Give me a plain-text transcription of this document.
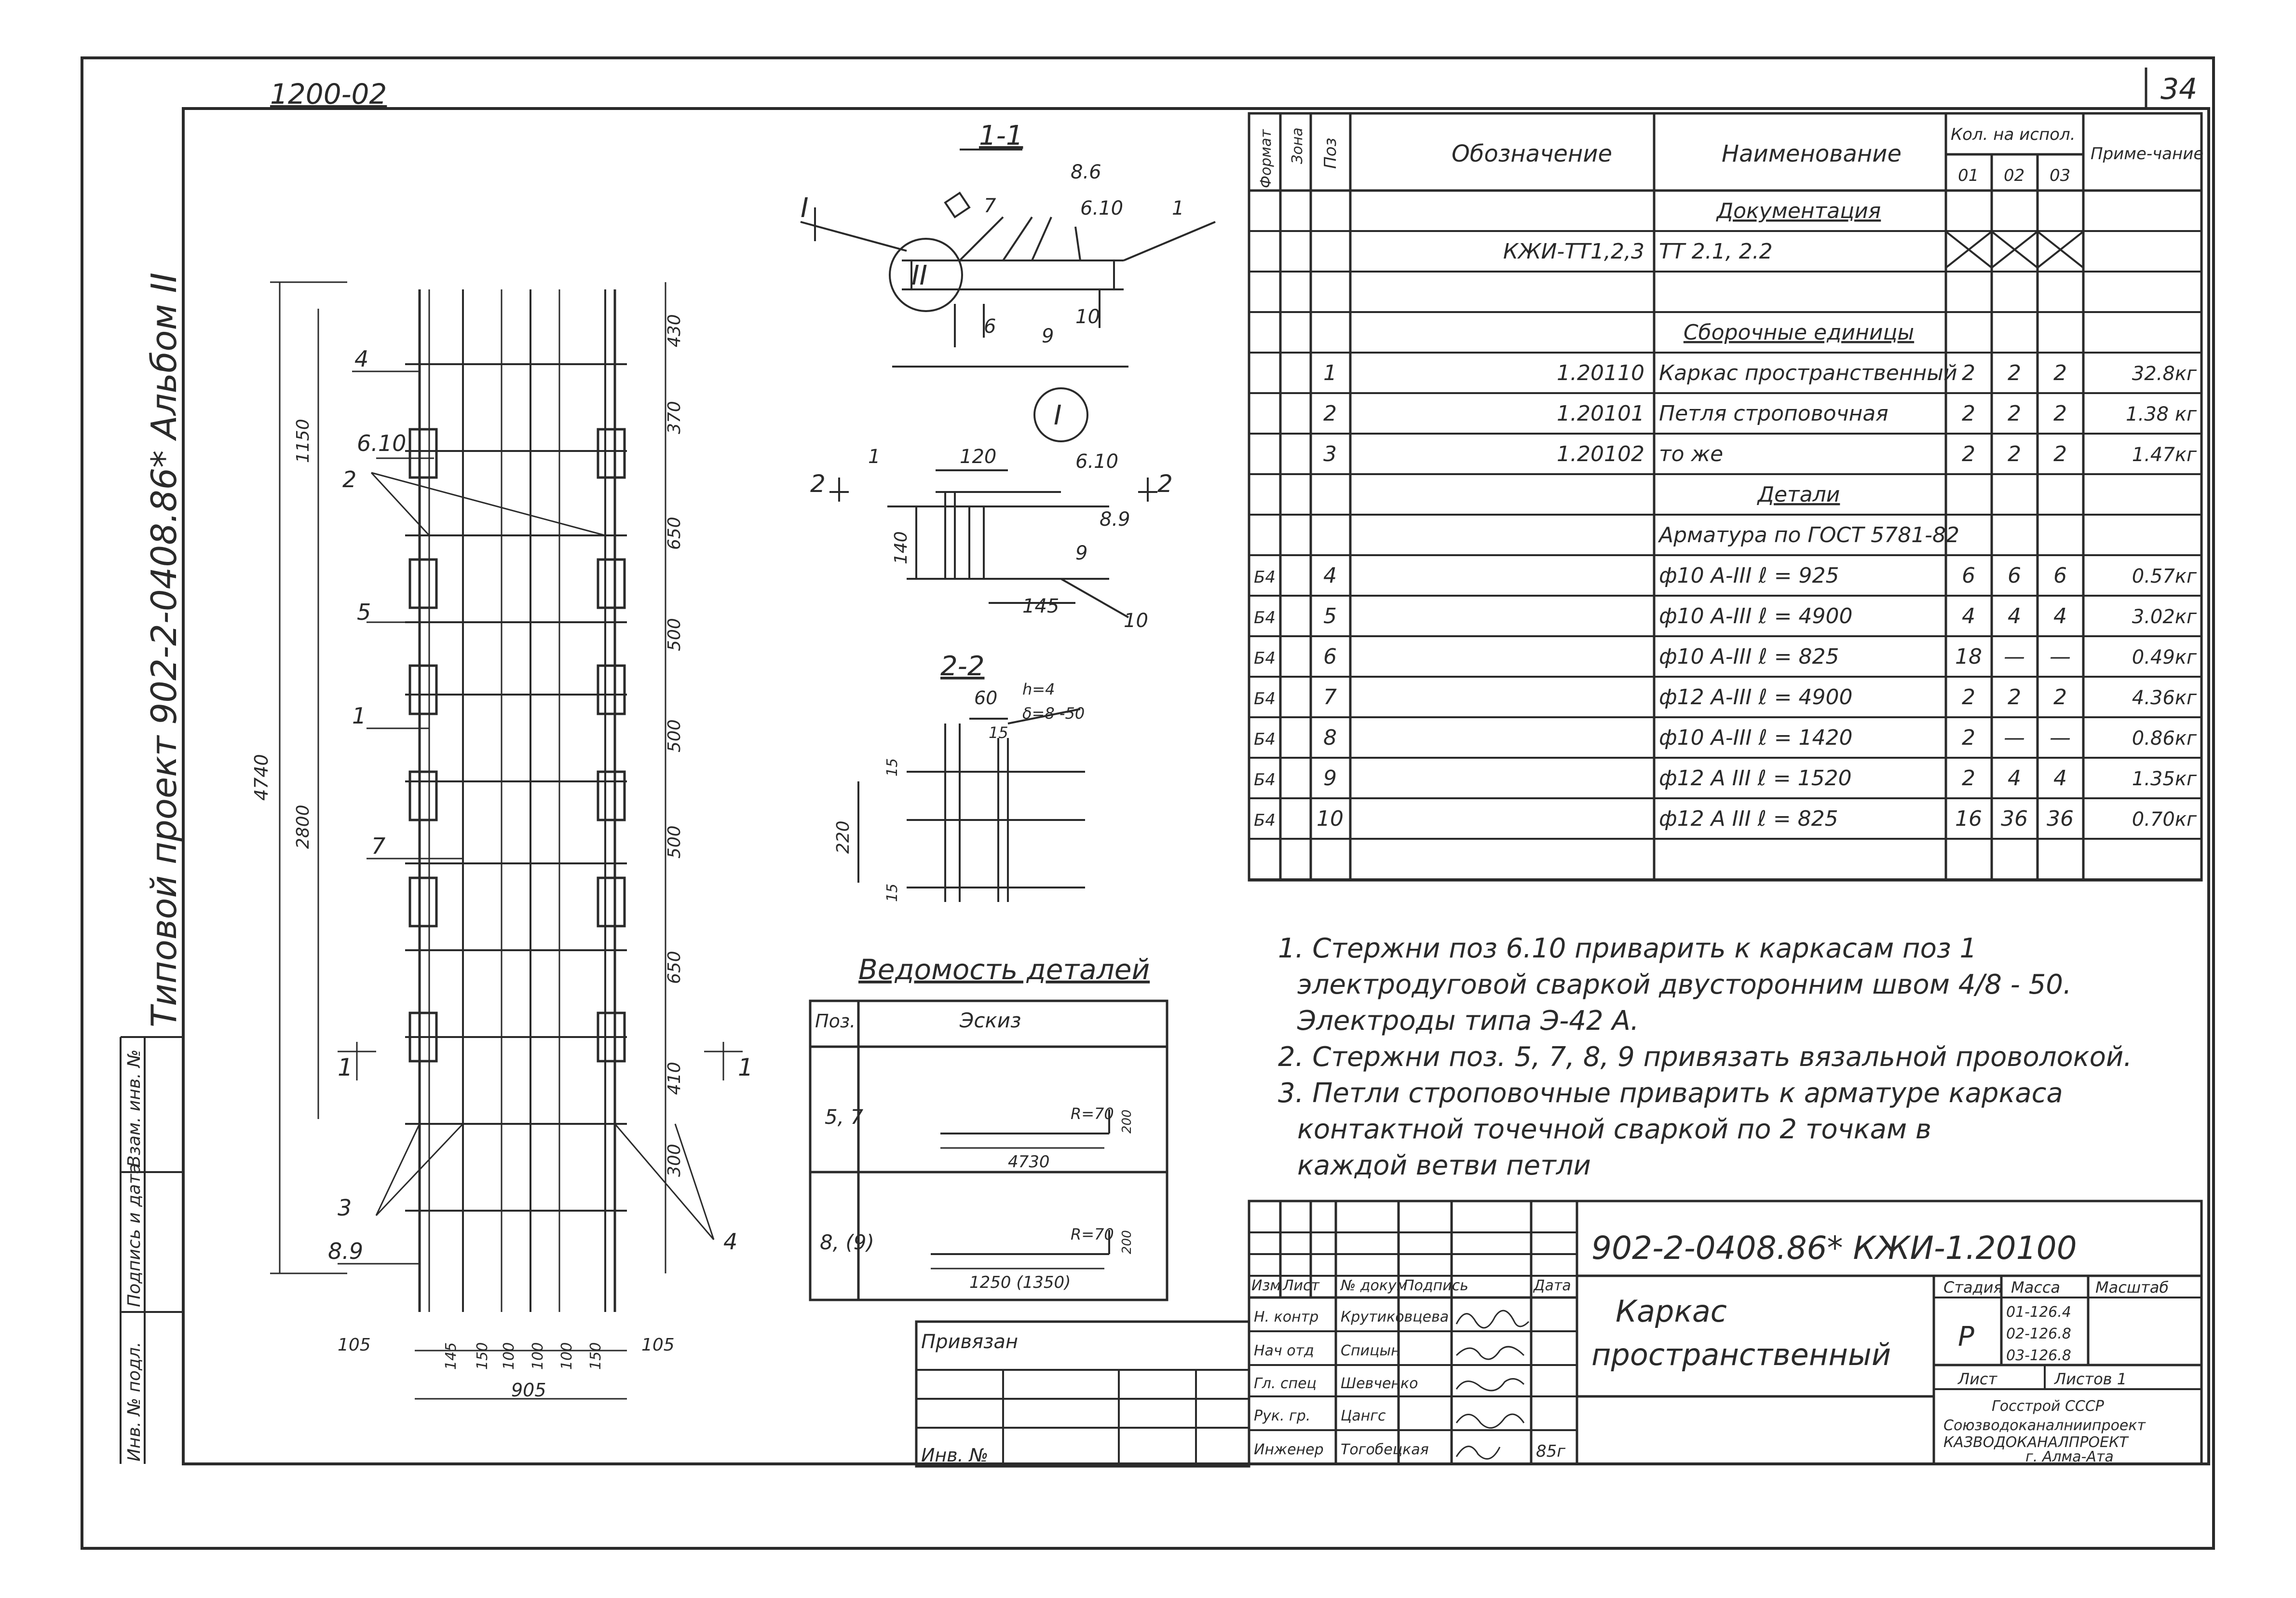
1200-02	34
Инв. № подл.
Подпись и дата
Взам. инв. №
Типовой проект 902-2-0408.86* Альбом II	4
6.10
2
5
1
7
3
8.9	4
1	1
430
370
650
500
500
500
650
410
300
4740
1150
2800
105	145 150 100 100 100 150 105
905
1-1
8.6
6.10	1
I
II
7
6 9
10
I
2	2
1	120	6.10
8.9
9
10
145
140
2-2
60 h=4
δ=8 -50
15
220
15
15
Ведомость деталей
Поз.	Эскиз
5, 7	R=70
4730
200
8, (9)	R=70
1250 (1350)
200
Формат Зона Поз	Обозначение	Наименование
Кол. на испол.
01 02 03
Приме-чание
Документация
КЖИ-ТТ1,2,3 ТТ 2.1, 2.2
Сборочные единицы
1	1.20110 Каркас пространственный 2 2 2	32.8кг
2	1.20101 Петля строповочная	2 2 2	1.38 кг
3	1.20102 то же	2 2 2	1.47кг
Детали
Арматура по ГОСТ 5781-82
Б4 4	ф10 А-III ℓ = 925	6 6 6	0.57кг
Б4 5	ф10 А-III ℓ = 4900	4 4 4	3.02кг
Б4 6	ф10 А-III ℓ = 825	18 — —	0.49кг
Б4 7	ф12 А-III ℓ = 4900	2 2 2	4.36кг
Б4 8	ф10 А-III ℓ = 1420	2 — —	0.86кг
Б4 9	ф12 А III ℓ = 1520	2 4 4	1.35кг
Б4 10	ф12 А III ℓ = 825	16 36 36	0.70кг
1. Стержни поз 6.10 приварить к каркасам поз 1
электродуговой сваркой двусторонним швом 4/8 - 50.
Электроды типа Э-42 А.
2. Стержни поз. 5, 7, 8, 9 привязать вязальной проволокой.
3. Петли строповочные приварить к арматуре каркаса
контактной точечной сваркой по 2 точкам в
каждой ветви петли
Привязан
Инв. №
902-2-0408.86* КЖИ-1.20100
Каркас
пространственный
Изм Лист № докум
Подпись	Дата
Н. контр Крутиковцева
Нач отд Спицын
Гл. спец Шевченко
Рук. гр. Цангс
Инженер Тогобецкая	85г
Стадия
Р
Масса
01-126.4
02-126.8
03-126.8
Масштаб
Лист	Листов 1
Госстрой СССР
Союзводоканалниипроект
КАЗВОДОКАНАЛПРОЕКТ
г. Алма-Ата
